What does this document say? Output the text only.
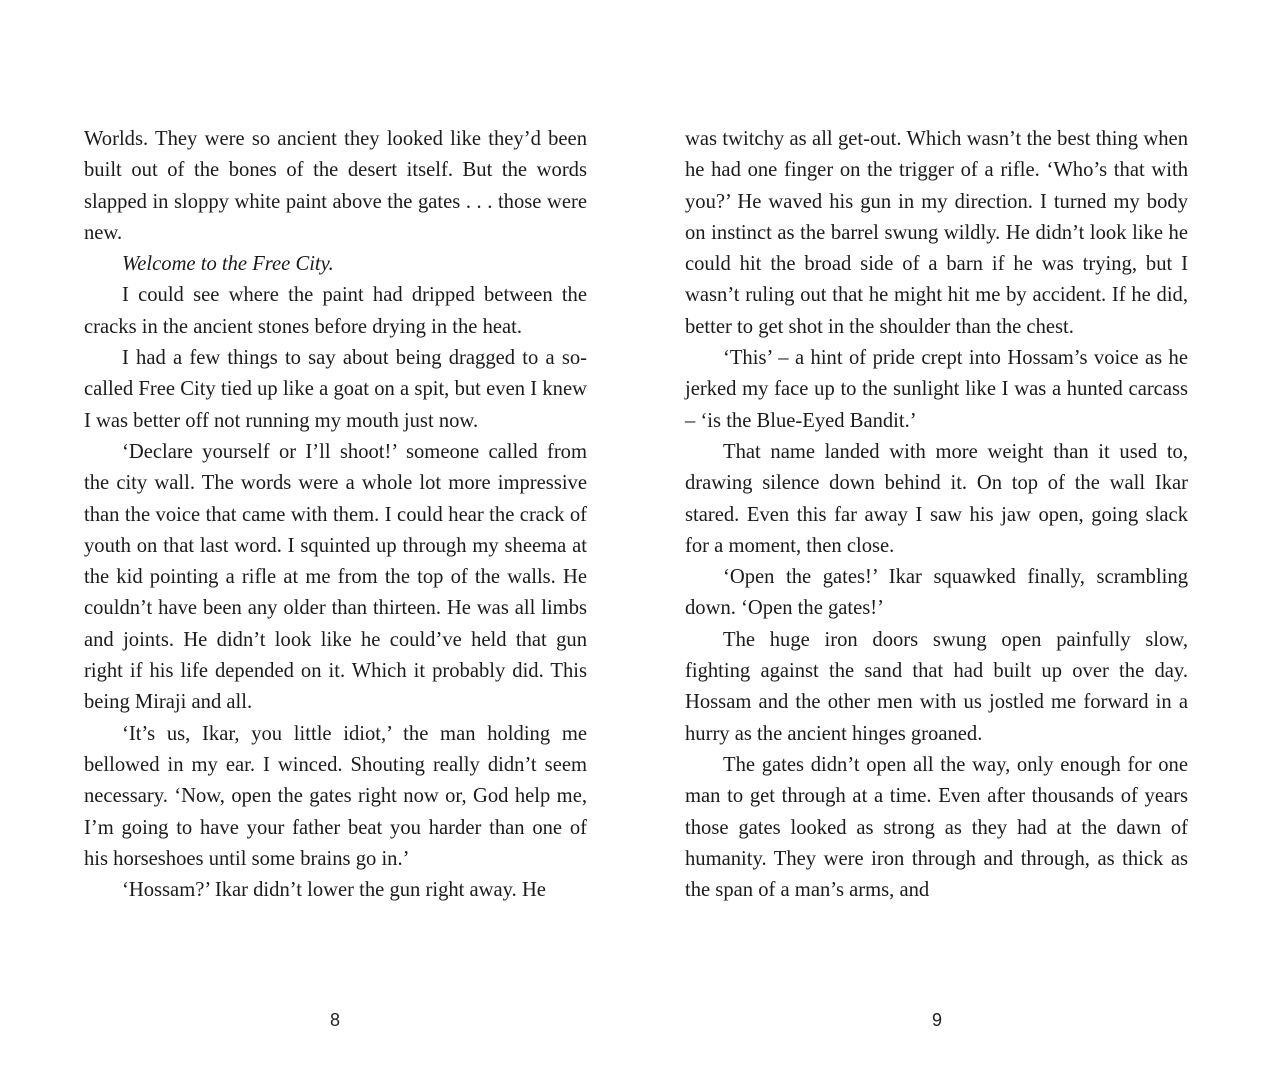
Worlds. They were so ancient they looked like they’d been built out of the bones of the desert itself. But the words slapped in sloppy white paint above the gates . . . those were new.

Welcome to the Free City.

I could see where the paint had dripped between the cracks in the ancient stones before drying in the heat.

I had a few things to say about being dragged to a so-called Free City tied up like a goat on a spit, but even I knew I was better off not running my mouth just now.

‘Declare yourself or I’ll shoot!’ someone called from the city wall. The words were a whole lot more impressive than the voice that came with them. I could hear the crack of youth on that last word. I squinted up through my sheema at the kid pointing a rifle at me from the top of the walls. He couldn’t have been any older than thirteen. He was all limbs and joints. He didn’t look like he could’ve held that gun right if his life depended on it. Which it probably did. This being Miraji and all.

‘It’s us, Ikar, you little idiot,’ the man holding me bellowed in my ear. I winced. Shouting really didn’t seem necessary. ‘Now, open the gates right now or, God help me, I’m going to have your father beat you harder than one of his horseshoes until some brains go in.’

‘Hossam?’ Ikar didn’t lower the gun right away. He

was twitchy as all get-out. Which wasn’t the best thing when he had one finger on the trigger of a rifle. ‘Who’s that with you?’ He waved his gun in my direction. I turned my body on instinct as the barrel swung wildly. He didn’t look like he could hit the broad side of a barn if he was trying, but I wasn’t ruling out that he might hit me by accident. If he did, better to get shot in the shoulder than the chest.

‘This’ – a hint of pride crept into Hossam’s voice as he jerked my face up to the sunlight like I was a hunted carcass – ‘is the Blue-Eyed Bandit.’

That name landed with more weight than it used to, drawing silence down behind it. On top of the wall Ikar stared. Even this far away I saw his jaw open, going slack for a moment, then close.

‘Open the gates!’ Ikar squawked finally, scrambling down. ‘Open the gates!’

The huge iron doors swung open painfully slow, fighting against the sand that had built up over the day. Hossam and the other men with us jostled me forward in a hurry as the ancient hinges groaned.

The gates didn’t open all the way, only enough for one man to get through at a time. Even after thousands of years those gates looked as strong as they had at the dawn of humanity. They were iron through and through, as thick as the span of a man’s arms, and

8	9
